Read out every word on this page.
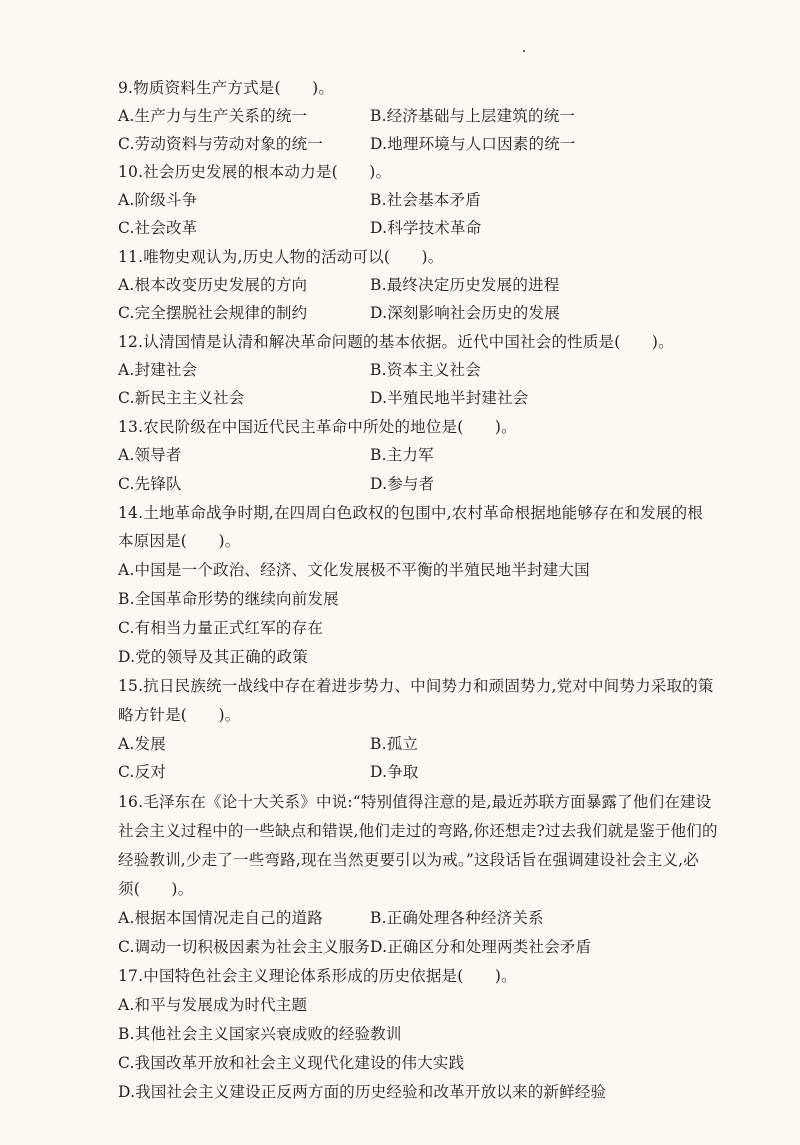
9.物质资料生产方式是(　　)。
A.生产力与生产关系的统一	B.经济基础与上层建筑的统一
C.劳动资料与劳动对象的统一	D.地理环境与人口因素的统一
10.社会历史发展的根本动力是(　　)。
A.阶级斗争	B.社会基本矛盾
C.社会改革	D.科学技术革命
11.唯物史观认为,历史人物的活动可以(　　)。
A.根本改变历史发展的方向	B.最终决定历史发展的进程
C.完全摆脱社会规律的制约	D.深刻影响社会历史的发展
12.认清国情是认清和解决革命问题的基本依据。近代中国社会的性质是(　　)。
A.封建社会	B.资本主义社会
C.新民主主义社会	D.半殖民地半封建社会
13.农民阶级在中国近代民主革命中所处的地位是(　　)。
A.领导者	B.主力军
C.先锋队	D.参与者
14.土地革命战争时期,在四周白色政权的包围中,农村革命根据地能够存在和发展的根
本原因是(　　)。
A.中国是一个政治、经济、文化发展极不平衡的半殖民地半封建大国
B.全国革命形势的继续向前发展
C.有相当力量正式红军的存在
D.党的领导及其正确的政策
15.抗日民族统一战线中存在着进步势力、中间势力和顽固势力,党对中间势力采取的策
略方针是(　　)。
A.发展	B.孤立
C.反对	D.争取
16.毛泽东在《论十大关系》中说:“特别值得注意的是,最近苏联方面暴露了他们在建设
社会主义过程中的一些缺点和错误,他们走过的弯路,你还想走?过去我们就是鉴于他们的
经验教训,少走了一些弯路,现在当然更要引以为戒。”这段话旨在强调建设社会主义,必
须(　　)。
A.根据本国情况走自己的道路	B.正确处理各种经济关系
C.调动一切积极因素为社会主义服务 D.正确区分和处理两类社会矛盾
17.中国特色社会主义理论体系形成的历史依据是(　　)。
A.和平与发展成为时代主题
B.其他社会主义国家兴衰成败的经验教训
C.我国改革开放和社会主义现代化建设的伟大实践
D.我国社会主义建设正反两方面的历史经验和改革开放以来的新鲜经验
